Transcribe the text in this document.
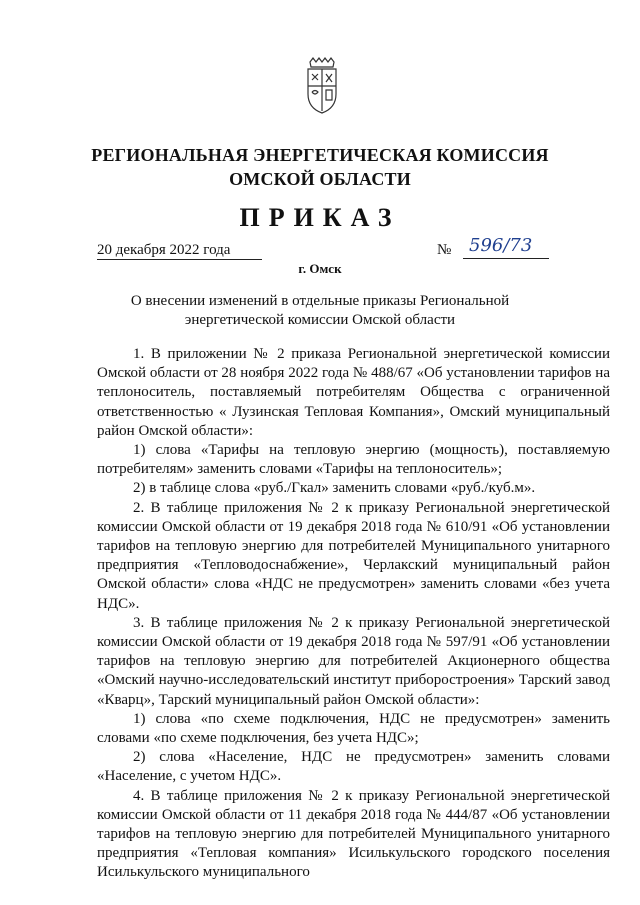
РЕГИОНАЛЬНАЯ ЭНЕРГЕТИЧЕСКАЯ КОМИССИЯ
ОМСКОЙ ОБЛАСТИ
ПРИКАЗ
20 декабря 2022 года	№ 596/73
г. Омск
О внесении изменений в отдельные приказы Региональной
энергетической комиссии Омской области

1. В приложении № 2 приказа Региональной энергетической комиссии Омской области от 28 ноября 2022 года № 488/67 «Об установлении тарифов на теплоноситель, поставляемый потребителям Общества с ограниченной ответственностью « Лузинская Тепловая Компания», Омский муниципальный район Омской области»:

1) слова «Тарифы на тепловую энергию (мощность), поставляемую потребителям» заменить словами «Тарифы на теплоноситель»;

2) в таблице слова «руб./Гкал» заменить словами «руб./куб.м».

2. В таблице приложения № 2 к приказу Региональной энергетической комиссии Омской области от 19 декабря 2018 года № 610/91 «Об установлении тарифов на тепловую энергию для потребителей Муниципального унитарного предприятия «Тепловодоснабжение», Черлакский муниципальный район Омской области» слова «НДС не предусмотрен» заменить словами «без учета НДС».

3. В таблице приложения № 2 к приказу Региональной энергетической комиссии Омской области от 19 декабря 2018 года № 597/91 «Об установлении тарифов на тепловую энергию для потребителей Акционерного общества «Омский научно-исследовательский институт приборостроения» Тарский завод «Кварц», Тарский муниципальный район Омской области»:

1) слова «по схеме подключения, НДС не предусмотрен» заменить словами «по схеме подключения, без учета НДС»;

2) слова «Население, НДС не предусмотрен» заменить словами «Население, с учетом НДС».

4. В таблице приложения № 2 к приказу Региональной энергетической комиссии Омской области от 11 декабря 2018 года № 444/87 «Об установлении тарифов на тепловую энергию для потребителей Муниципального унитарного предприятия «Тепловая компания» Исилькульского городского поселения Исилькульского муниципального
